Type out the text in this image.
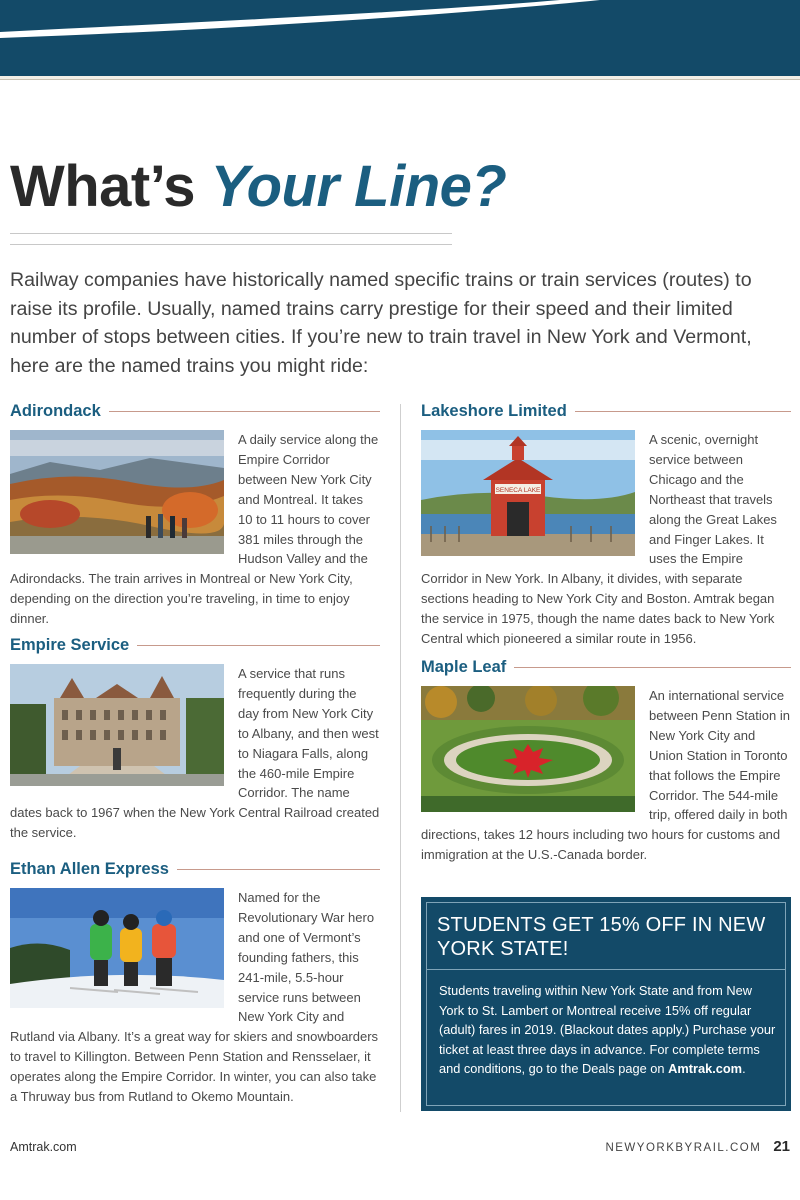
What’s Your Line?

Railway companies have historically named specific trains or train services (routes) to raise its profile. Usually, named trains carry prestige for their speed and their limited number of stops between cities. If you’re new to train travel in New York and Vermont, here are the named trains you might ride:

Adirondack
A daily service along the Empire Corridor between New York City and Montreal. It takes 10 to 11 hours to cover 381 miles through the Hudson Valley and the Adirondacks. The train arrives in Montreal or New York City, depending on the direction you’re traveling, in time to enjoy dinner.
Empire Service
A service that runs frequently during the day from New York City to Albany, and then west to Niagara Falls, along the 460-mile Empire Corridor. The name dates back to 1967 when the New York Central Railroad created the service.
Ethan Allen Express
Named for the Revolutionary War hero and one of Vermont’s founding fathers, this 241-mile, 5.5-hour service runs between New York City and Rutland via Albany. It’s a great way for skiers and snowboarders to travel to Killington. Between Penn Station and Rensselaer, it operates along the Empire Corridor. In winter, you can also take a Thruway bus from Rutland to Okemo Mountain.
Lakeshore Limited
SENECA LAKE
A scenic, overnight service between Chicago and the Northeast that travels along the Great Lakes and Finger Lakes. It uses the Empire Corridor in New York. In Albany, it divides, with separate sections heading to New York City and Boston. Amtrak began the service in 1975, though the name dates back to New York Central which pioneered a similar route in 1956.
Maple Leaf
An international service between Penn Station in New York City and Union Station in Toronto that follows the Empire Corridor. The 544-mile trip, offered daily in both directions, takes 12 hours including two hours for customs and immigration at the U.S.-Canada border.
STUDENTS GET 15% OFF IN NEW YORK STATE!

Students traveling within New York State and from New York to St. Lambert or Montreal receive 15% off regular (adult) fares in 2019. (Blackout dates apply.) Purchase your ticket at least three days in advance. For complete terms and conditions, go to the Deals page on Amtrak.com.

Amtrak.com	NEWYORKBYRAIL.COM 21
